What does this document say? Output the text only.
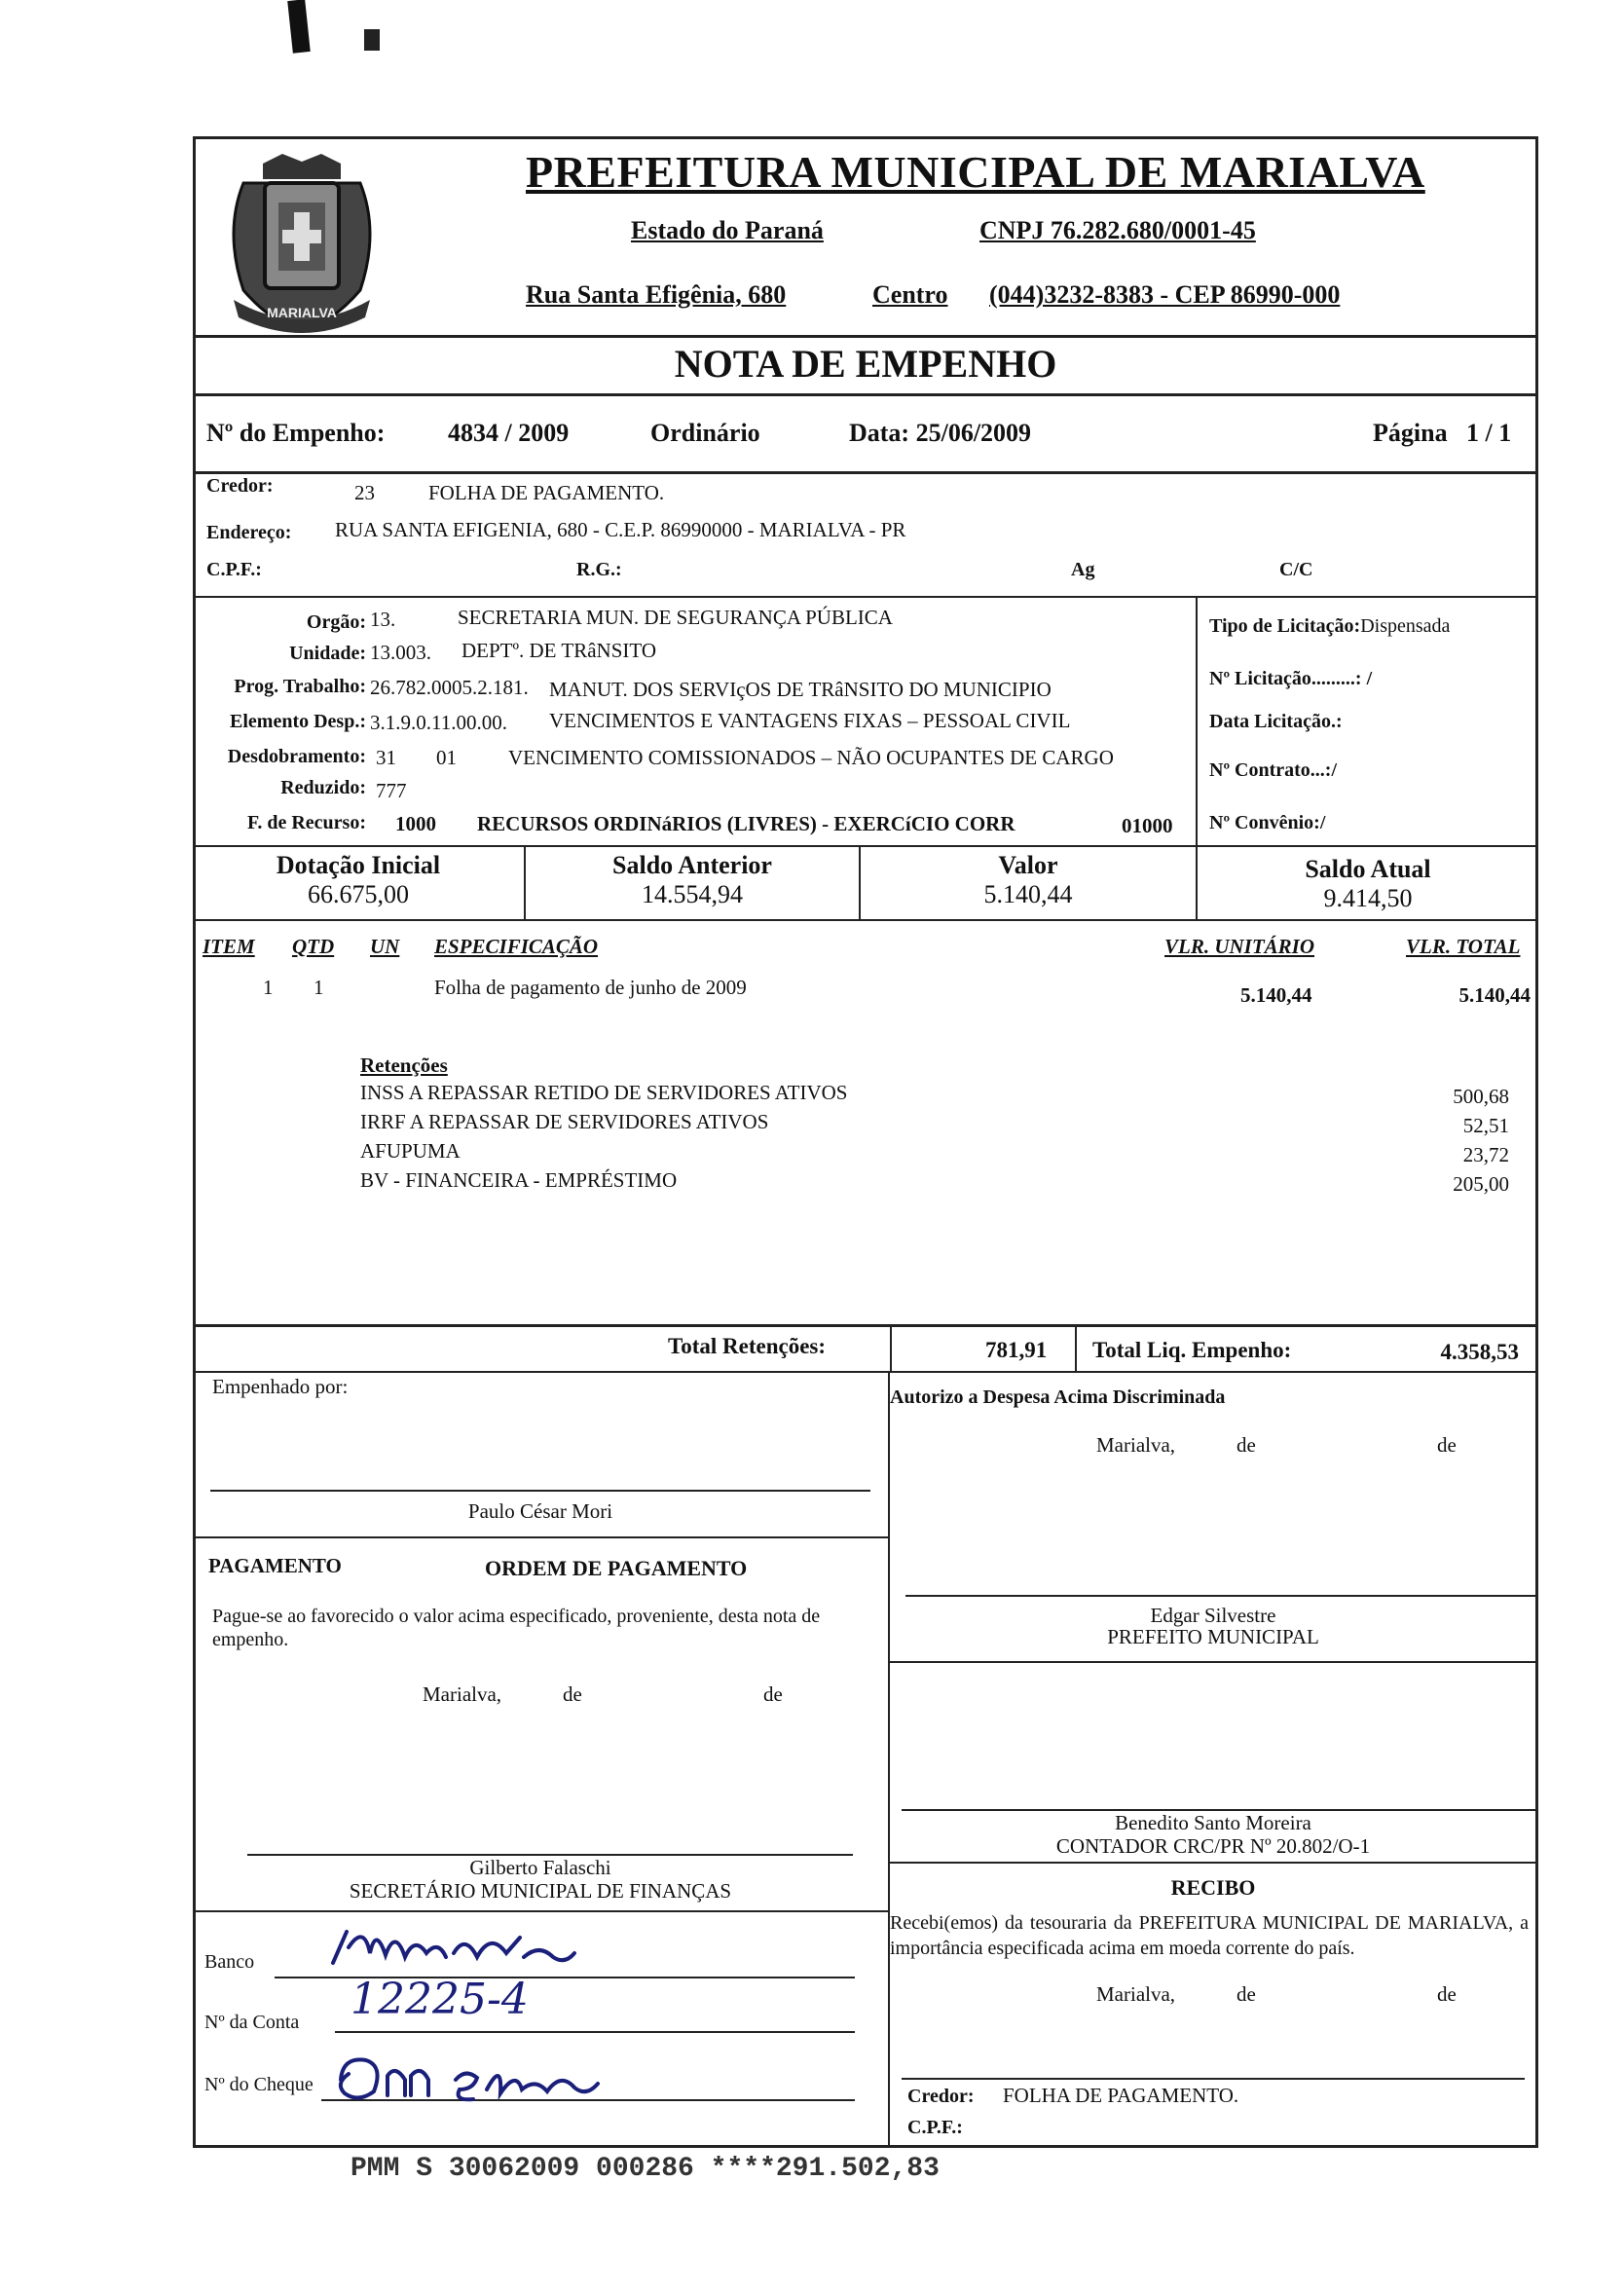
MARIALVA
PREFEITURA MUNICIPAL DE MARIALVA
Estado do Paraná	CNPJ 76.282.680/0001-45
Rua Santa Efigênia, 680	Centro (044)3232-8383 - CEP 86990-000
NOTA DE EMPENHO
Nº do Empenho: 4834 / 2009	Ordinário	Data: 25/06/2009	Página 1 / 1
Credor:	23	FOLHA DE PAGAMENTO.
Endereço: RUA SANTA EFIGENIA, 680 - C.E.P. 86990000 - MARIALVA - PR
C.P.F.:	R.G.:	Ag	C/C
Orgão: 13.	SECRETARIA MUN. DE SEGURANÇA PÚBLICA
Unidade: 13.003. DEPTº. DE TRâNSITO
Prog. Trabalho: 26.782.0005.2.181. MANUT. DOS SERVIçOS DE TRâNSITO DO MUNICIPIO
Elemento Desp.: 3.1.9.0.11.00.00. VENCIMENTOS E VANTAGENS FIXAS – PESSOAL CIVIL
Desdobramento: 31 01	VENCIMENTO COMISSIONADOS – NÃO OCUPANTES DE CARGO
Reduzido: 777
F. de Recurso: 1000 RECURSOS ORDINáRIOS (LIVRES) - EXERCíCIO CORR	01000
Tipo de Licitação:Dispensada
Nº Licitação.........: /
Data Licitação.:
Nº Contrato...:/
Nº Convênio:/
Dotação Inicial
66.675,00
Saldo Anterior
14.554,94
Valor
5.140,44
Saldo Atual
9.414,50
ITEM QTD UN ESPECIFICAÇÃO	VLR. UNITÁRIO	VLR. TOTAL
1 1	Folha de pagamento de junho de 2009	5.140,44	5.140,44
Retenções
INSS A REPASSAR RETIDO DE SERVIDORES ATIVOS	500,68
IRRF A REPASSAR DE SERVIDORES ATIVOS	52,51
AFUPUMA	23,72
BV - FINANCEIRA - EMPRÉSTIMO	205,00
Total Retenções:	781,91 Total Liq. Empenho:	4.358,53
Empenhado por:
Paulo César Mori
Autorizo a Despesa Acima Discriminada
Marialva,	de	de
PAGAMENTO	ORDEM DE PAGAMENTO
Pague-se ao favorecido o valor acima especificado, proveniente, desta nota de empenho.
Marialva,	de	de
Edgar Silvestre
PREFEITO MUNICIPAL
Benedito Santo Moreira
CONTADOR CRC/PR Nº 20.802/O-1
Gilberto Falaschi
SECRETÁRIO MUNICIPAL DE FINANÇAS	RECIBO
Recebi(emos) da tesouraria da PREFEITURA MUNICIPAL DE MARIALVA, a importância especificada acima em moeda corrente do país.
Marialva,	de	de
Credor: FOLHA DE PAGAMENTO.
C.P.F.:
Banco
Nº da Conta 12225-4
Nº do Cheque
PMM S 30062009 000286 ****291.502,83
